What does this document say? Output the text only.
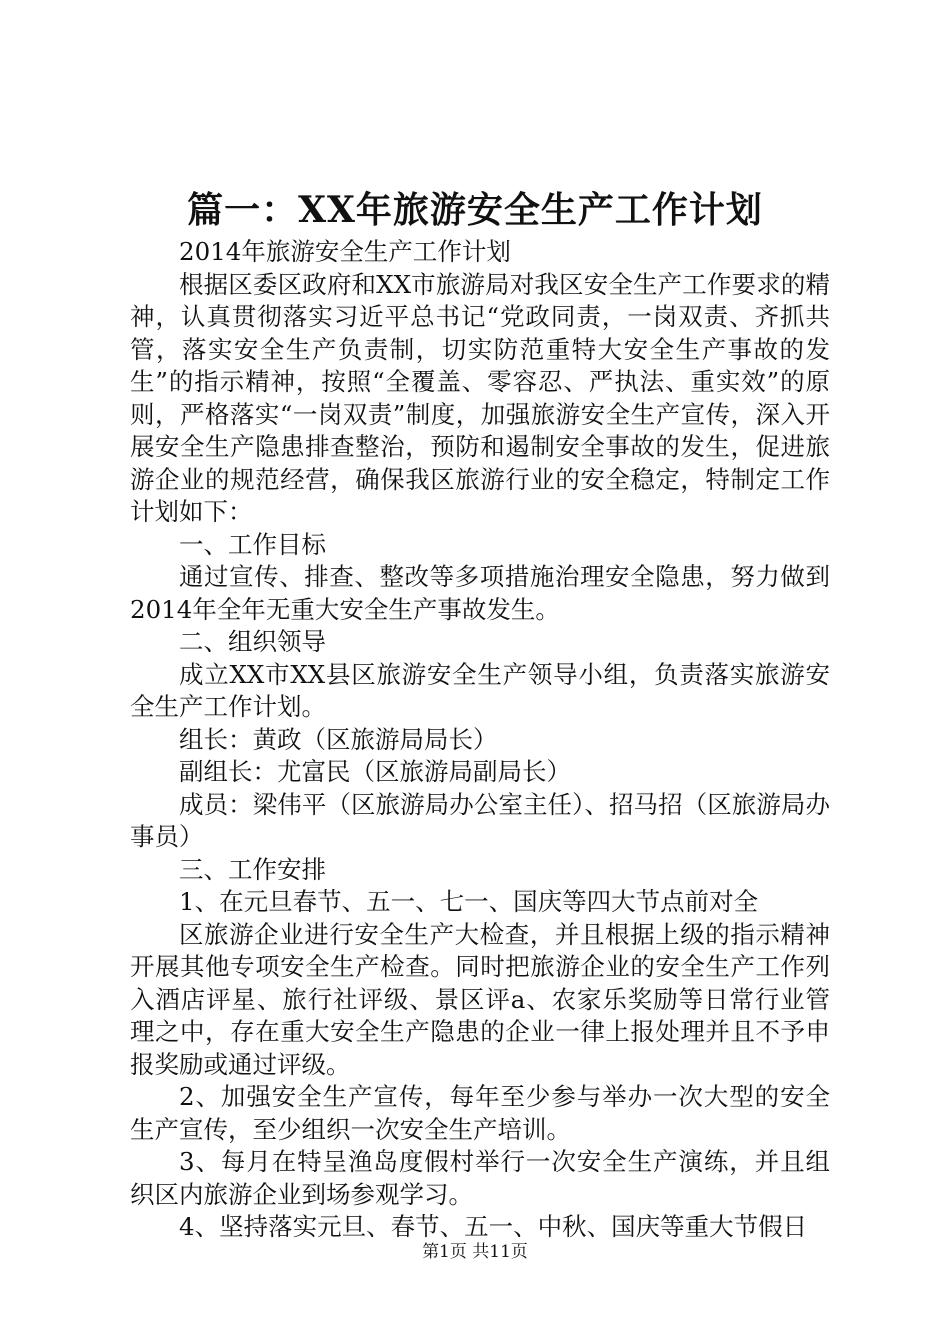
篇一：XX年旅游安全生产工作计划

2014年旅游安全生产工作计划

根据区委区政府和XX市旅游局对我区安全生产工作要求的精神，认真贯彻落实习近平总书记“党政同责，一岗双责、齐抓共管，落实安全生产负责制，切实防范重特大安全生产事故的发生”的指示精神，按照“全覆盖、零容忍、严执法、重实效”的原则，严格落实“一岗双责”制度，加强旅游安全生产宣传，深入开展安全生产隐患排查整治，预防和遏制安全事故的发生，促进旅游企业的规范经营，确保我区旅游行业的安全稳定，特制定工作计划如下：

一、工作目标

通过宣传、排查、整改等多项措施治理安全隐患，努力做到2014年全年无重大安全生产事故发生。

二、组织领导

成立XX市XX县区旅游安全生产领导小组，负责落实旅游安全生产工作计划。

组长：黄政（区旅游局局长）

副组长：尤富民（区旅游局副局长）

成员：梁伟平（区旅游局办公室主任）、招马招（区旅游局办事员）

三、工作安排

1、在元旦春节、五一、七一、国庆等四大节点前对全

区旅游企业进行安全生产大检查，并且根据上级的指示精神开展其他专项安全生产检查。同时把旅游企业的安全生产工作列入酒店评星、旅行社评级、景区评a、农家乐奖励等日常行业管理之中，存在重大安全生产隐患的企业一律上报处理并且不予申报奖励或通过评级。

2、加强安全生产宣传，每年至少参与举办一次大型的安全生产宣传，至少组织一次安全生产培训。

3、每月在特呈渔岛度假村举行一次安全生产演练，并且组织区内旅游企业到场参观学习。

4、坚持落实元旦、春节、五一、中秋、国庆等重大节假日

第1页 共11页
